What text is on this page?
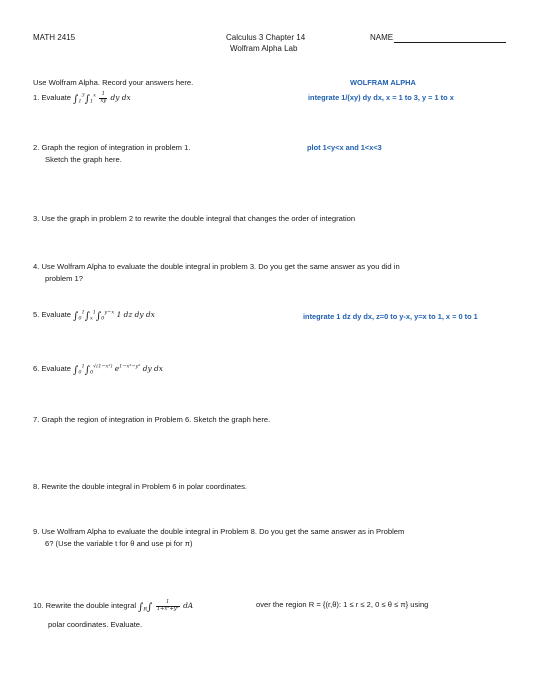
MATH 2415	Calculus 3 Chapter 14
Wolfram Alpha Lab
NAME
Use Wolfram Alpha. Record your answers here.	WOLFRAM ALPHA
1. Evaluate $\int_1^3\int_1^x \frac{1}{xy}$ dy dx	integrate 1/(xy) dy dx, x = 1 to 3, y = 1 to x
2. Graph the region of integration in problem 1.
Sketch the graph here.
plot 1<y<x and 1<x<3
3. Use the graph in problem 2 to rewrite the double integral that changes the order of integration
4. Use Wolfram Alpha to evaluate the double integral in problem 3. Do you get the same answer as you did in
problem 1?
5. Evaluate $\int_0^1\int_x^1\int_0^{y-x}$ 1 dz dy dx	integrate 1 dz dy dx, z=0 to y-x, y=x to 1, x = 0 to 1
6. Evaluate $\int_0^1\int_0^{√(1-x^2)}$ $e^{1-x^2-y^2}$ dy dx
7. Graph the region of integration in Problem 6. Sketch the graph here.
8. Rewrite the double integral in Problem 6 in polar coordinates.
9. Use Wolfram Alpha to evaluate the double integral in Problem 8. Do you get the same answer as in Problem
6? (Use the variable t for θ and use pi for π)
10. Rewrite the double integral $\int_R\int \frac{1}{\text{1+x²+y²}}$ dA	over the region R = {(r,θ): 1 ≤ r ≤ 2, 0 ≤ θ ≤ π} using
polar coordinates. Evaluate.
